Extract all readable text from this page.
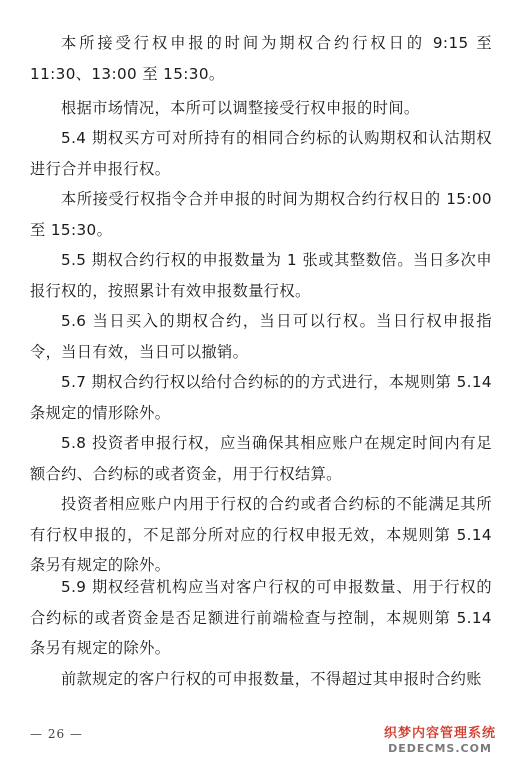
本所接受行权申报的时间为期权合约行权日的 9:15 至 11:30、13:00 至 15:30。

根据市场情况，本所可以调整接受行权申报的时间。

5.4 期权买方可对所持有的相同合约标的认购期权和认沽期权进行合并申报行权。

本所接受行权指令合并申报的时间为期权合约行权日的 15:00 至 15:30。

5.5 期权合约行权的申报数量为 1 张或其整数倍。当日多次申报行权的，按照累计有效申报数量行权。

5.6 当日买入的期权合约，当日可以行权。当日行权申报指令，当日有效，当日可以撤销。

5.7 期权合约行权以给付合约标的的方式进行，本规则第 5.14 条规定的情形除外。

5.8 投资者申报行权，应当确保其相应账户在规定时间内有足额合约、合约标的或者资金，用于行权结算。

投资者相应账户内用于行权的合约或者合约标的不能满足其所有行权申报的，不足部分所对应的行权申报无效，本规则第 5.14 条另有规定的除外。

5.9 期权经营机构应当对客户行权的可申报数量、用于行权的合约标的或者资金是否足额进行前端检查与控制，本规则第 5.14 条另有规定的除外。

前款规定的客户行权的可申报数量，不得超过其申报时合约账

— 26 —	织梦内容管理系统
DEDECMS.COM
